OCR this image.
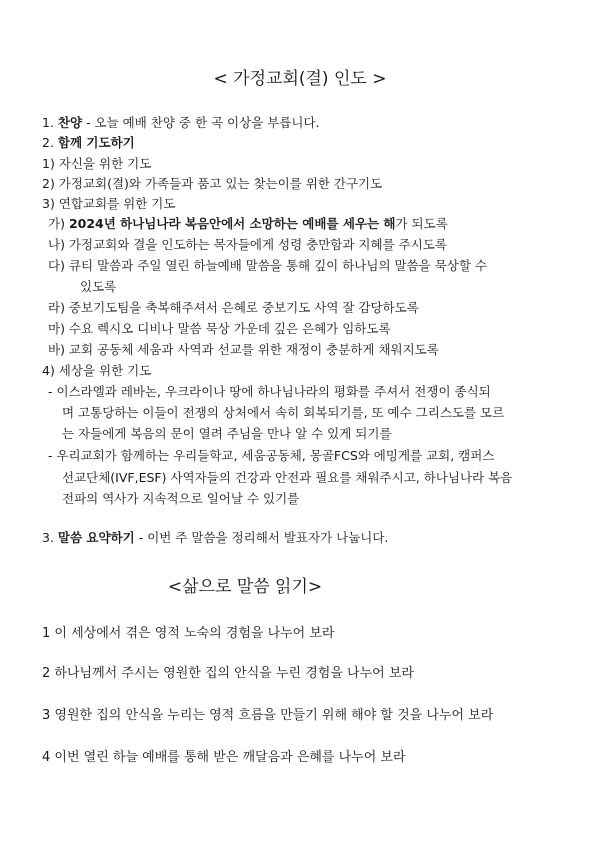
< 가정교회(결) 인도 >
1. 찬양 - 오늘 예배 찬양 중 한 곡 이상을 부릅니다.
2. 함께 기도하기
1) 자신을 위한 기도
2) 가정교회(결)와 가족들과 품고 있는 찾는이를 위한 간구기도
3) 연합교회를 위한 기도
가) 2024년 하나님나라 복음안에서 소망하는 예배를 세우는 해가 되도록
나) 가정교회와 결을 인도하는 목자들에게 성령 충만함과 지혜를 주시도록
다) 큐티 말씀과 주일 열린 하늘예배 말씀을 통해 깊이 하나님의 말씀을 묵상할 수
있도록
라) 중보기도팀을 축복해주셔서 은혜로 중보기도 사역 잘 감당하도록
마) 수요 렉시오 디비나 말씀 묵상 가운데 깊은 은혜가 임하도록
바) 교회 공동체 세움과 사역과 선교를 위한 재정이 충분하게 채워지도록
4) 세상을 위한 기도
- 이스라엘과 레바논, 우크라이나 땅에 하나님나라의 평화를 주셔서 전쟁이 종식되
며 고통당하는 이들이 전쟁의 상처에서 속히 회복되기를, 또 예수 그리스도를 모르
는 자들에게 복음의 문이 열려 주님을 만나 알 수 있게 되기를
- 우리교회가 함께하는 우리들학교, 세움공동체, 몽골FCS와 에밍게를 교회, 캠퍼스
선교단체(IVF,ESF) 사역자들의 건강과 안전과 필요를 채워주시고, 하나님나라 복음
전파의 역사가 지속적으로 일어날 수 있기를
3. 말씀 요약하기 - 이번 주 말씀을 정리해서 발표자가 나눕니다.
<삶으로 말씀 읽기>
1 이 세상에서 겪은 영적 노숙의 경험을 나누어 보라
2 하나님께서 주시는 영원한 집의 안식을 누린 경험을 나누어 보라
3 영원한 집의 안식을 누리는 영적 흐름을 만들기 위해 해야 할 것을 나누어 보라
4 이번 열린 하늘 예배를 통해 받은 깨달음과 은혜를 나누어 보라
